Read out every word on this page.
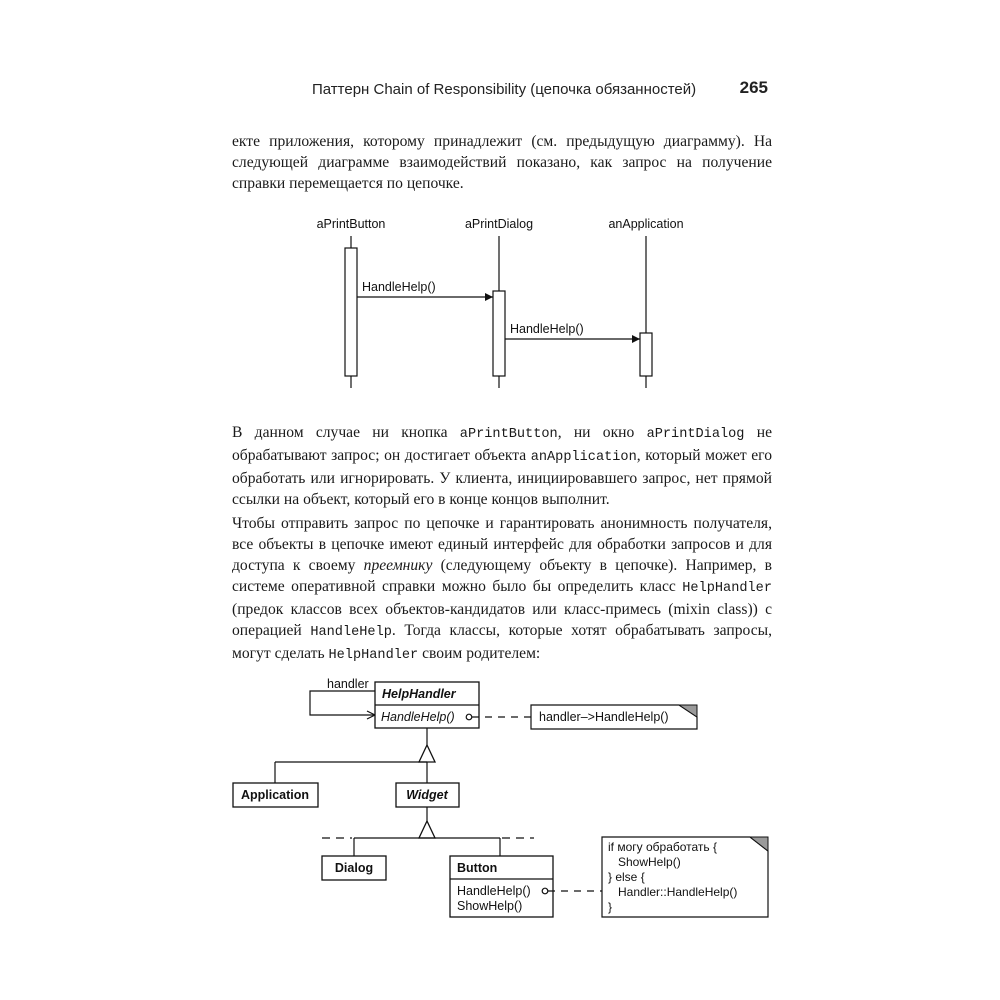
Паттерн Chain of Responsibility (цепочка обязанностей)	265

екте приложения, которому принадлежит (см. предыдущую диаграмму). На следующей диаграмме взаимодействий показано, как запрос на получение справки перемещается по цепочке.

В данном случае ни кнопка aPrintButton, ни окно aPrintDialog не обрабатывают запрос; он достигает объекта anApplication, который может его обработать или игнорировать. У клиента, инициировавшего запрос, нет прямой ссылки на объект, который его в конце концов выполнит.

Чтобы отправить запрос по цепочке и гарантировать анонимность получателя, все объекты в цепочке имеют единый интерфейс для обработки запросов и для доступа к своему преемнику (следующему объекту в цепочке). Например, в системе оперативной справки можно было бы определить класс HelpHandler (предок классов всех объектов-кандидатов или класс-примесь (mixin class)) с операцией HandleHelp. Тогда классы, которые хотят обрабатывать запросы, могут сделать HelpHandler своим родителем:

aPrintButton	aPrintDialog	anApplication
HandleHelp()
HandleHelp()
handler
HelpHandler
HandleHelp()	handler–>HandleHelp()
Application	Widget
Dialog	Button
HandleHelp()
ShowHelp()
if могу обработать {
ShowHelp()
} else {
Handler::HandleHelp()
}
